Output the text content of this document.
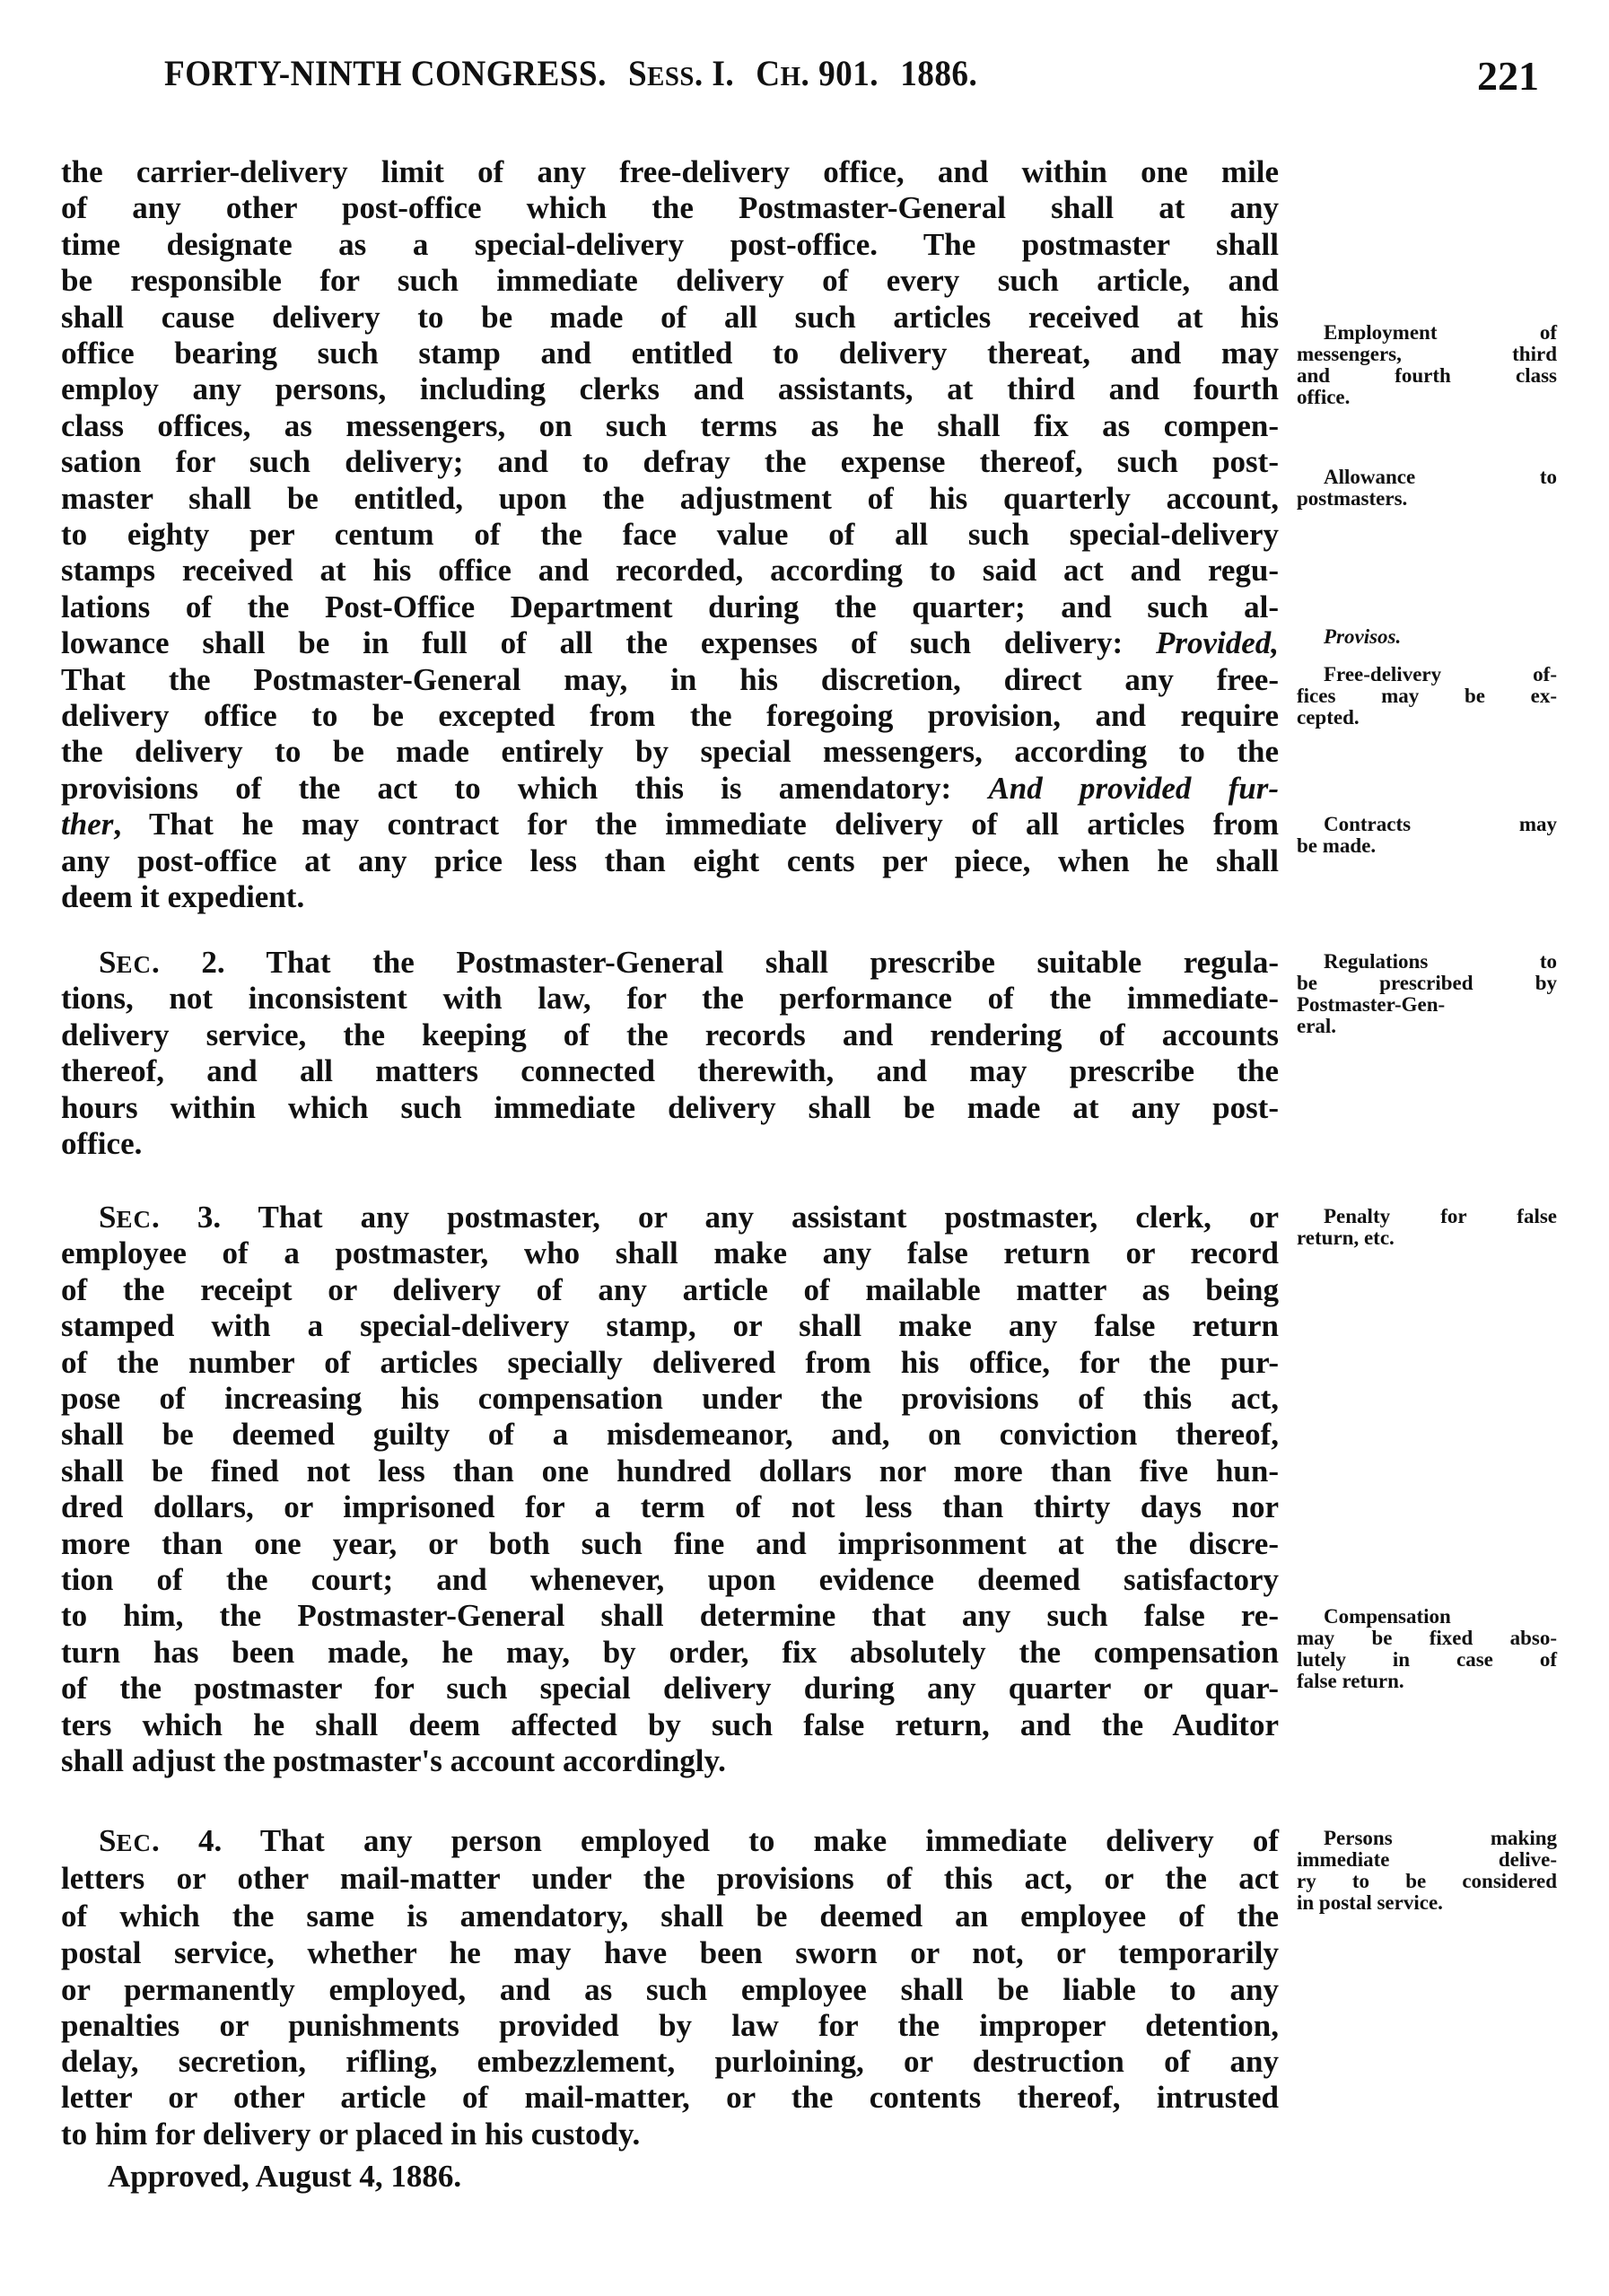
FORTY-NINTH CONGRESS. SESS. I. CH. 901. 1886.	221
the carrier-delivery limit of any free-delivery office, and within one mile
of any other post-office which the Postmaster-General shall at any
time designate as a special-delivery post-office. The postmaster shall
be responsible for such immediate delivery of every such article, and
shall cause delivery to be made of all such articles received at his
office bearing such stamp and entitled to delivery thereat, and may
employ any persons, including clerks and assistants, at third and fourth
class offices, as messengers, on such terms as he shall fix as compen-
sation for such delivery; and to defray the expense thereof, such post-
master shall be entitled, upon the adjustment of his quarterly account,
to eighty per centum of the face value of all such special-delivery
stamps received at his office and recorded, according to said act and regu-
lations of the Post-Office Department during the quarter; and such al-
lowance shall be in full of all the expenses of such delivery: Provided,
That the Postmaster-General may, in his discretion, direct any free-
delivery office to be excepted from the foregoing provision, and require
the delivery to be made entirely by special messengers, according to the
provisions of the act to which this is amendatory: And provided fur-
ther, That he may contract for the immediate delivery of all articles from
any post-office at any price less than eight cents per piece, when he shall
deem it expedient.
SEC. 2. That the Postmaster-General shall prescribe suitable regula-
tions, not inconsistent with law, for the performance of the immediate-
delivery service, the keeping of the records and rendering of accounts
thereof, and all matters connected therewith, and may prescribe the
hours within which such immediate delivery shall be made at any post-
office.
SEC. 3. That any postmaster, or any assistant postmaster, clerk, or
employee of a postmaster, who shall make any false return or record
of the receipt or delivery of any article of mailable matter as being
stamped with a special-delivery stamp, or shall make any false return
of the number of articles specially delivered from his office, for the pur-
pose of increasing his compensation under the provisions of this act,
shall be deemed guilty of a misdemeanor, and, on conviction thereof,
shall be fined not less than one hundred dollars nor more than five hun-
dred dollars, or imprisoned for a term of not less than thirty days nor
more than one year, or both such fine and imprisonment at the discre-
tion of the court; and whenever, upon evidence deemed satisfactory
to him, the Postmaster-General shall determine that any such false re-
turn has been made, he may, by order, fix absolutely the compensation
of the postmaster for such special delivery during any quarter or quar-
ters which he shall deem affected by such false return, and the Auditor
shall adjust the postmaster's account accordingly.
SEC. 4. That any person employed to make immediate delivery of
letters or other mail-matter under the provisions of this act, or the act
of which the same is amendatory, shall be deemed an employee of the
postal service, whether he may have been sworn or not, or temporarily
or permanently employed, and as such employee shall be liable to any
penalties or punishments provided by law for the improper detention,
delay, secretion, rifling, embezzlement, purloining, or destruction of any
letter or other article of mail-matter, or the contents thereof, intrusted
to him for delivery or placed in his custody.
Approved, August 4, 1886.
Employment of
messengers, third
and fourth class
office.
Allowance to
postmasters.
Provisos.
Free-delivery of-
fices may be ex-
cepted.
Contracts may
be made.
Regulations to
be prescribed by
Postmaster-Gen-
eral.
Penalty for false
return, etc.
Compensation
may be fixed abso-
lutely in case of
false return.
Persons making
immediate delive-
ry to be considered
in postal service.
